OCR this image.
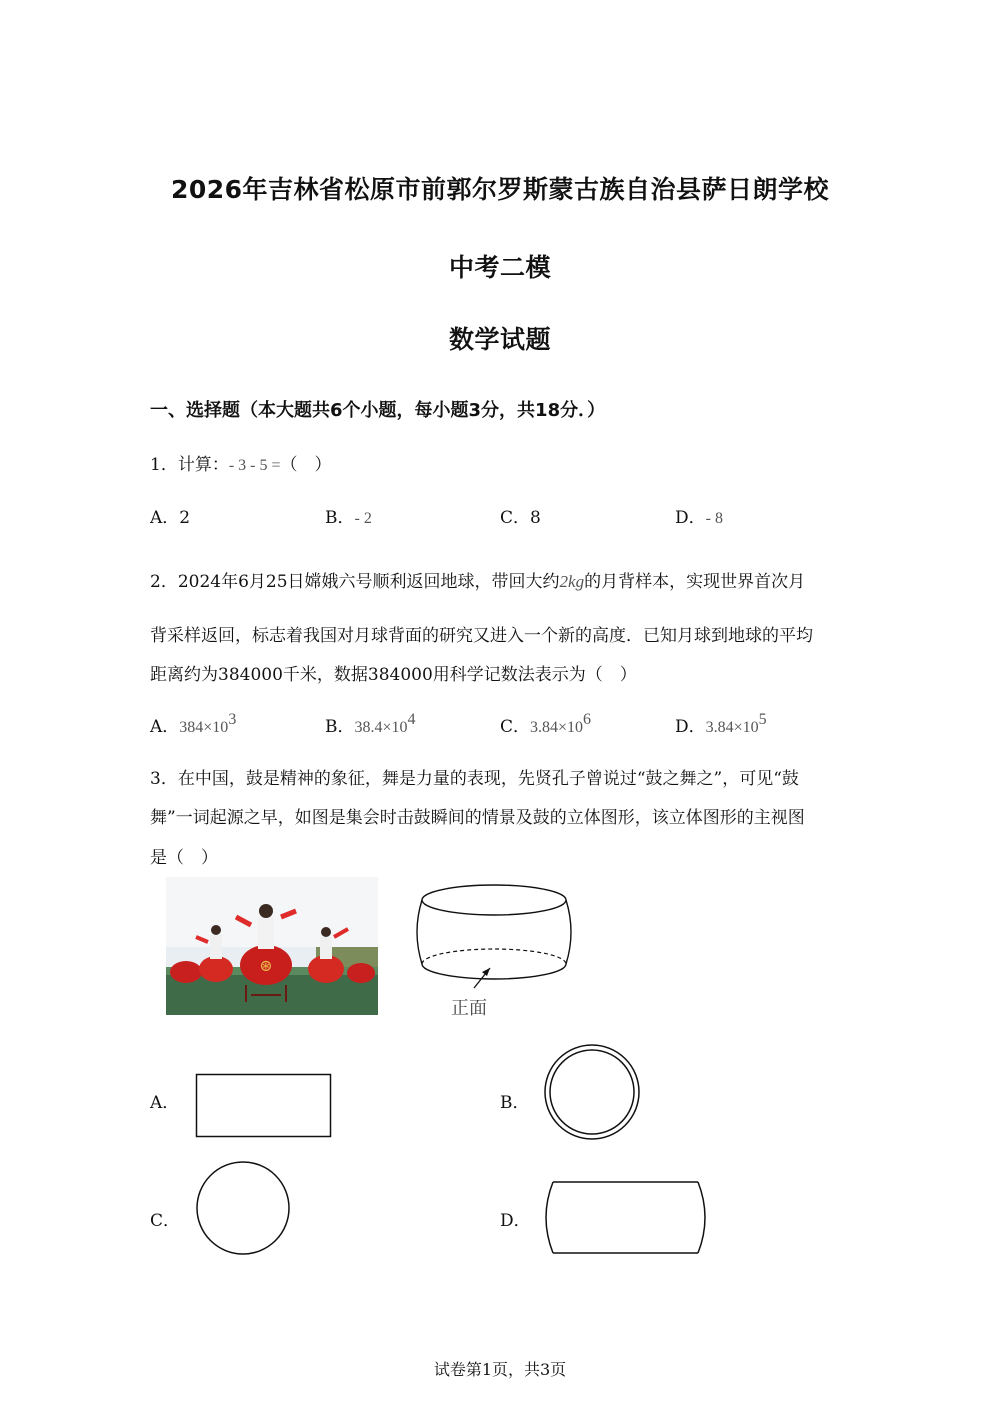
2026年吉林省松原市前郭尔罗斯蒙古族自治县萨日朗学校
中考二模
数学试题
一、选择题（本大题共6个小题，每小题3分，共18分．）
1．计算：- 3 - 5 =（　）
A．2	B．- 2	C．8	D．- 8
2．2024年6月25日嫦娥六号顺利返回地球，带回大约2kg的月背样本，实现世界首次月
背采样返回，标志着我国对月球背面的研究又进入一个新的高度．已知月球到地球的平均
距离约为384000千米，数据384000用科学记数法表示为（　）
A．$384\times 10^3$	B．$38.4\times 10^4$	C．$3.84\times 10^6$	D．$3.84\times 10^5$
3．在中国，鼓是精神的象征，舞是力量的表现，先贤孔子曾说过“鼓之舞之”，可见“鼓
舞”一词起源之早，如图是集会时击鼓瞬间的情景及鼓的立体图形，该立体图形的主视图
是（　）
⊛
正面
A．	B．
C．	D．
试卷第1页，共3页
